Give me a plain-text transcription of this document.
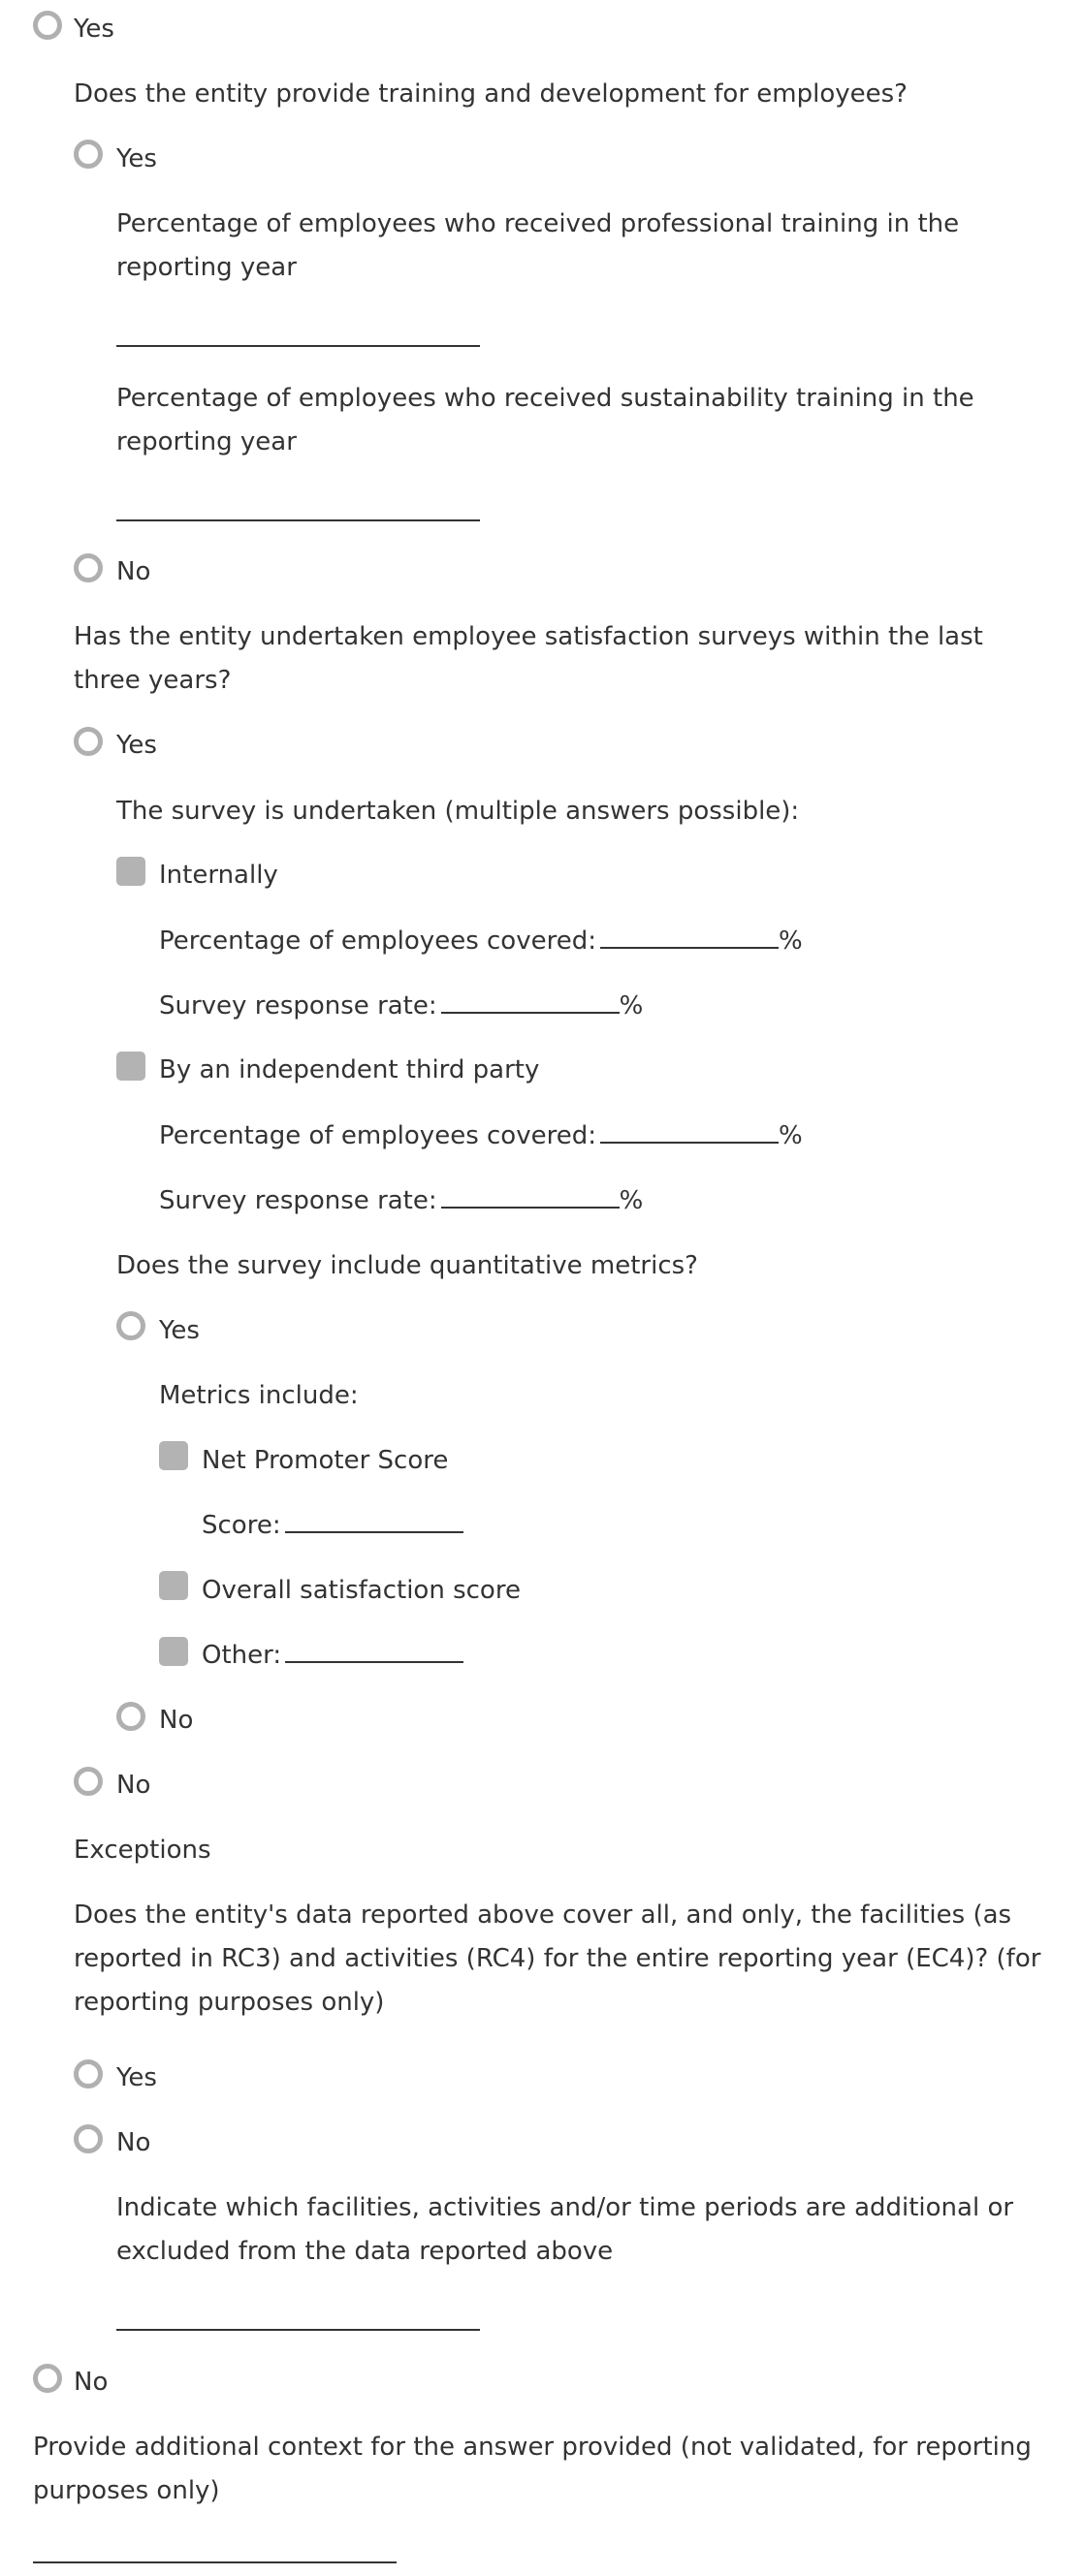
Yes
Does the entity provide training and development for employees?
Yes
Percentage of employees who received professional training in the reporting year
Percentage of employees who received sustainability training in the reporting year
No
Has the entity undertaken employee satisfaction surveys within the last three years?
Yes
The survey is undertaken (multiple answers possible):
Internally
Percentage of employees covered:	%
Survey response rate:	%
By an independent third party
Percentage of employees covered:	%
Survey response rate:	%
Does the survey include quantitative metrics?
Yes
Metrics include:
Net Promoter Score
Score:
Overall satisfaction score
Other:
No
No
Exceptions
Does the entity's data reported above cover all, and only, the facilities (as reported in RC3) and activities (RC4) for the entire reporting year (EC4)? (for reporting purposes only)
Yes
No
Indicate which facilities, activities and/or time periods are additional or excluded from the data reported above
No
Provide additional context for the answer provided (not validated, for reporting purposes only)
